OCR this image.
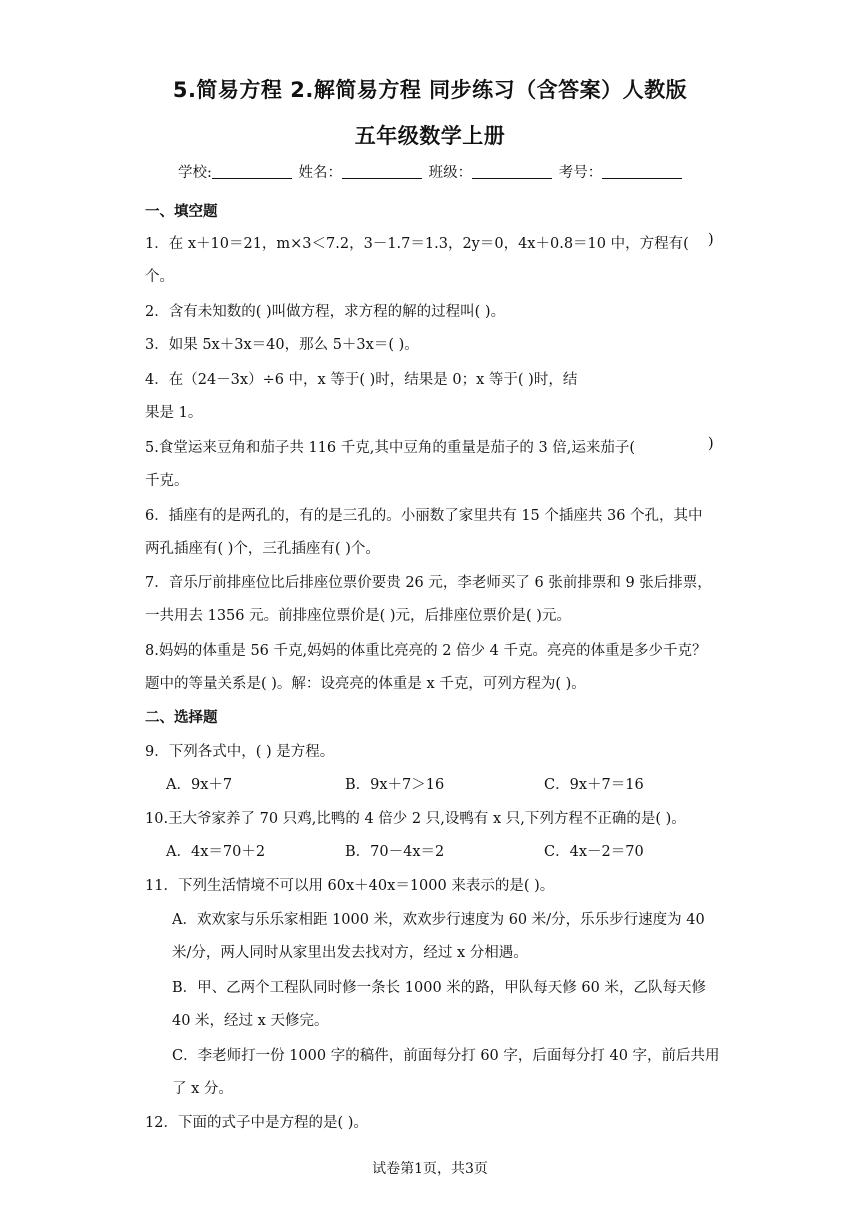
5.简易方程 2.解简易方程 同步练习（含答案）人教版
五年级数学上册
学校:	姓名：	班级：	考号：
一、填空题
1．在 x＋10＝21，m×3＜7.2，3－1.7＝1.3，2y＝0，4x＋0.8＝10 中，方程有( )
个。
2．含有未知数的( )叫做方程，求方程的解的过程叫( )。
3．如果 5x＋3x＝40，那么 5＋3x＝( )。
4．在（24－3x）÷6 中，x 等于( )时，结果是 0；x 等于( )时，结
果是 1。
5.食堂运来豆角和茄子共 116 千克,其中豆角的重量是茄子的 3 倍,运来茄子(	)
千克。
6．插座有的是两孔的，有的是三孔的。小丽数了家里共有 15 个插座共 36 个孔，其中
两孔插座有( )个，三孔插座有( )个。
7．音乐厅前排座位比后排座位票价要贵 26 元，李老师买了 6 张前排票和 9 张后排票，
一共用去 1356 元。前排座位票价是( )元，后排座位票价是( )元。
8.妈妈的体重是 56 千克,妈妈的体重比亮亮的 2 倍少 4 千克。亮亮的体重是多少千克？
题中的等量关系是( )。解：设亮亮的体重是 x 千克，可列方程为( )。
二、选择题
9．下列各式中，( ) 是方程。
A．9x＋7	B．9x＋7＞16	C．9x＋7＝16
10.王大爷家养了 70 只鸡,比鸭的 4 倍少 2 只,设鸭有 x 只,下列方程不正确的是( )。
A．4x＝70＋2	B．70－4x＝2	C．4x－2＝70
11．下列生活情境不可以用 60x＋40x＝1000 来表示的是( )。
A．欢欢家与乐乐家相距 1000 米，欢欢步行速度为 60 米/分，乐乐步行速度为 40
米/分，两人同时从家里出发去找对方，经过 x 分相遇。
B．甲、乙两个工程队同时修一条长 1000 米的路，甲队每天修 60 米，乙队每天修
40 米，经过 x 天修完。
C．李老师打一份 1000 字的稿件，前面每分打 60 字，后面每分打 40 字，前后共用
了 x 分。
12．下面的式子中是方程的是( )。
试卷第1页，共3页
